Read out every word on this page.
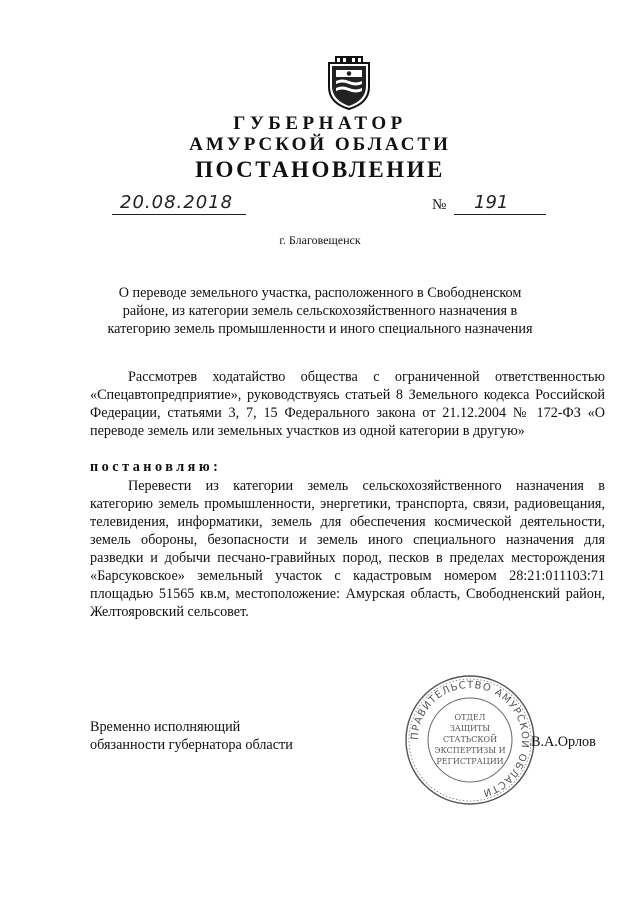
ГУБЕРНАТОР
АМУРСКОЙ ОБЛАСТИ
ПОСТАНОВЛЕНИЕ
20.08.2018	№ 191
г. Благовещенск
О переводе земельного участка, расположенного в Свободненском районе, из категории земель сельскохозяйственного назначения в категорию земель промышленности и иного специального назначения
Рассмотрев ходатайство общества с ограниченной ответственностью «Спецавтопредприятие», руководствуясь статьей 8 Земельного кодекса Российской Федерации, статьями 3, 7, 15 Федерального закона от 21.12.2004 № 172-ФЗ «О переводе земель или земельных участков из одной категории в другую»
постановляю:
Перевести из категории земель сельскохозяйственного назначения в категорию земель промышленности, энергетики, транспорта, связи, радиовещания, телевидения, информатики, земель для обеспечения космической деятельности, земель обороны, безопасности и земель иного специального назначения для разведки и добычи песчано-гравийных пород, песков в пределах месторождения «Барсуковское» земельный участок с кадастровым номером 28:21:011103:71 площадью 51565 кв.м, местоположение: Амурская область, Свободненский район, Желтояровский сельсовет.
Временно исполняющий
обязанности губернатора области
ПРАВИТЕЛЬСТВО АМУРСКОЙ ОБЛАСТИ
ОТДЕЛ
ЗАЩИТЫ
СТАТЬСКОЙ
ЭКСПЕРТИЗЫ И
РЕГИСТРАЦИИ
В.А.Орлов
